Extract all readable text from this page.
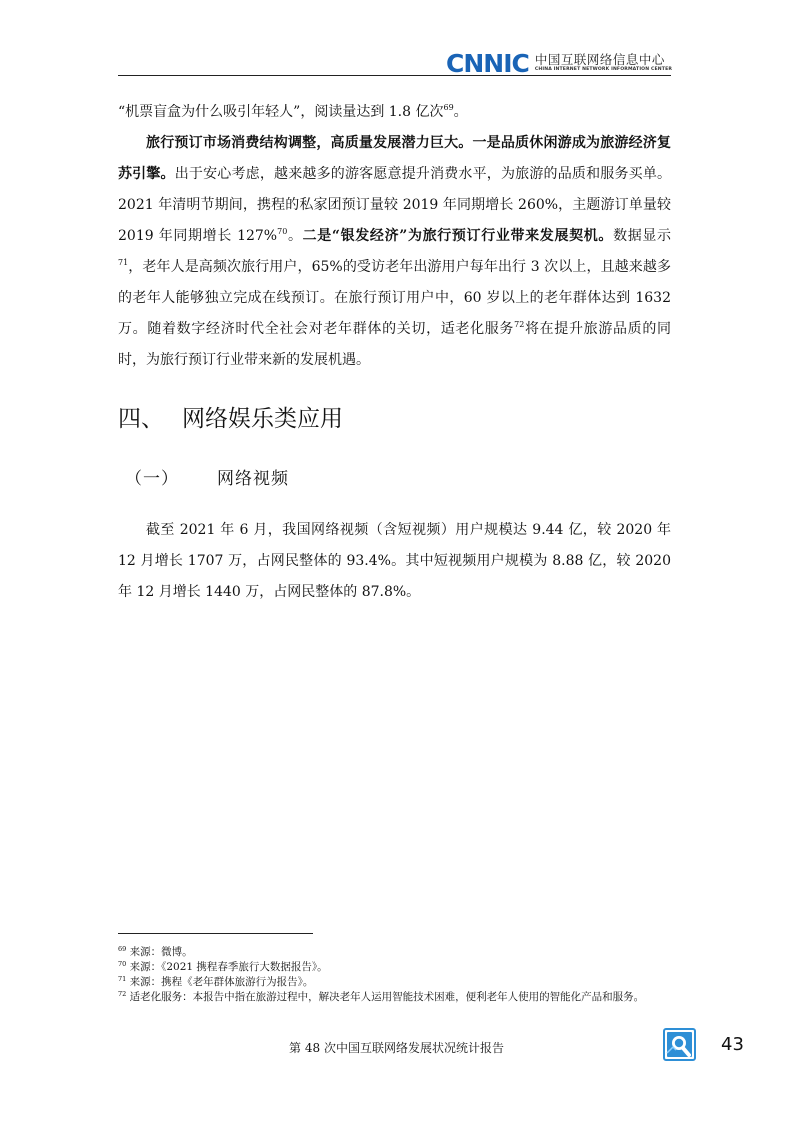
CNNIC 中国互联网络信息中心
CHINA INTERNET NETWORK INFORMATION CENTER

“机票盲盒为什么吸引年轻人”，阅读量达到 1.8 亿次$^{69}$。

旅行预订市场消费结构调整，高质量发展潜力巨大。一是品质休闲游成为旅游经济复苏引擎。出于安心考虑，越来越多的游客愿意提升消费水平，为旅游的品质和服务买单。2021 年清明节期间，携程的私家团预订量较 2019 年同期增长 260%，主题游订单量较 2019 年同期增长 127%$^{70}$。二是“银发经济”为旅行预订行业带来发展契机。数据显示$^{71}$，老年人是高频次旅行用户，65%的受访老年出游用户每年出行 3 次以上，且越来越多的老年人能够独立完成在线预订。在旅行预订用户中，60 岁以上的老年群体达到 1632 万。随着数字经济时代全社会对老年群体的关切，适老化服务$^{72}$将在提升旅游品质的同时，为旅行预订行业带来新的发展机遇。

四、 网络娱乐类应用
（一） 网络视频

截至 2021 年 6 月，我国网络视频（含短视频）用户规模达 9.44 亿，较 2020 年 12 月增长 1707 万，占网民整体的 93.4%。其中短视频用户规模为 8.88 亿，较 2020 年 12 月增长 1440 万，占网民整体的 87.8%。

$^{69}$ 来源：微博。

$^{70}$ 来源：《2021 携程春季旅行大数据报告》。

$^{71}$ 来源：携程《老年群体旅游行为报告》。

$^{72}$ 适老化服务：本报告中指在旅游过程中，解决老年人运用智能技术困难，便利老年人使用的智能化产品和服务。

第 48 次中国互联网络发展状况统计报告	43
